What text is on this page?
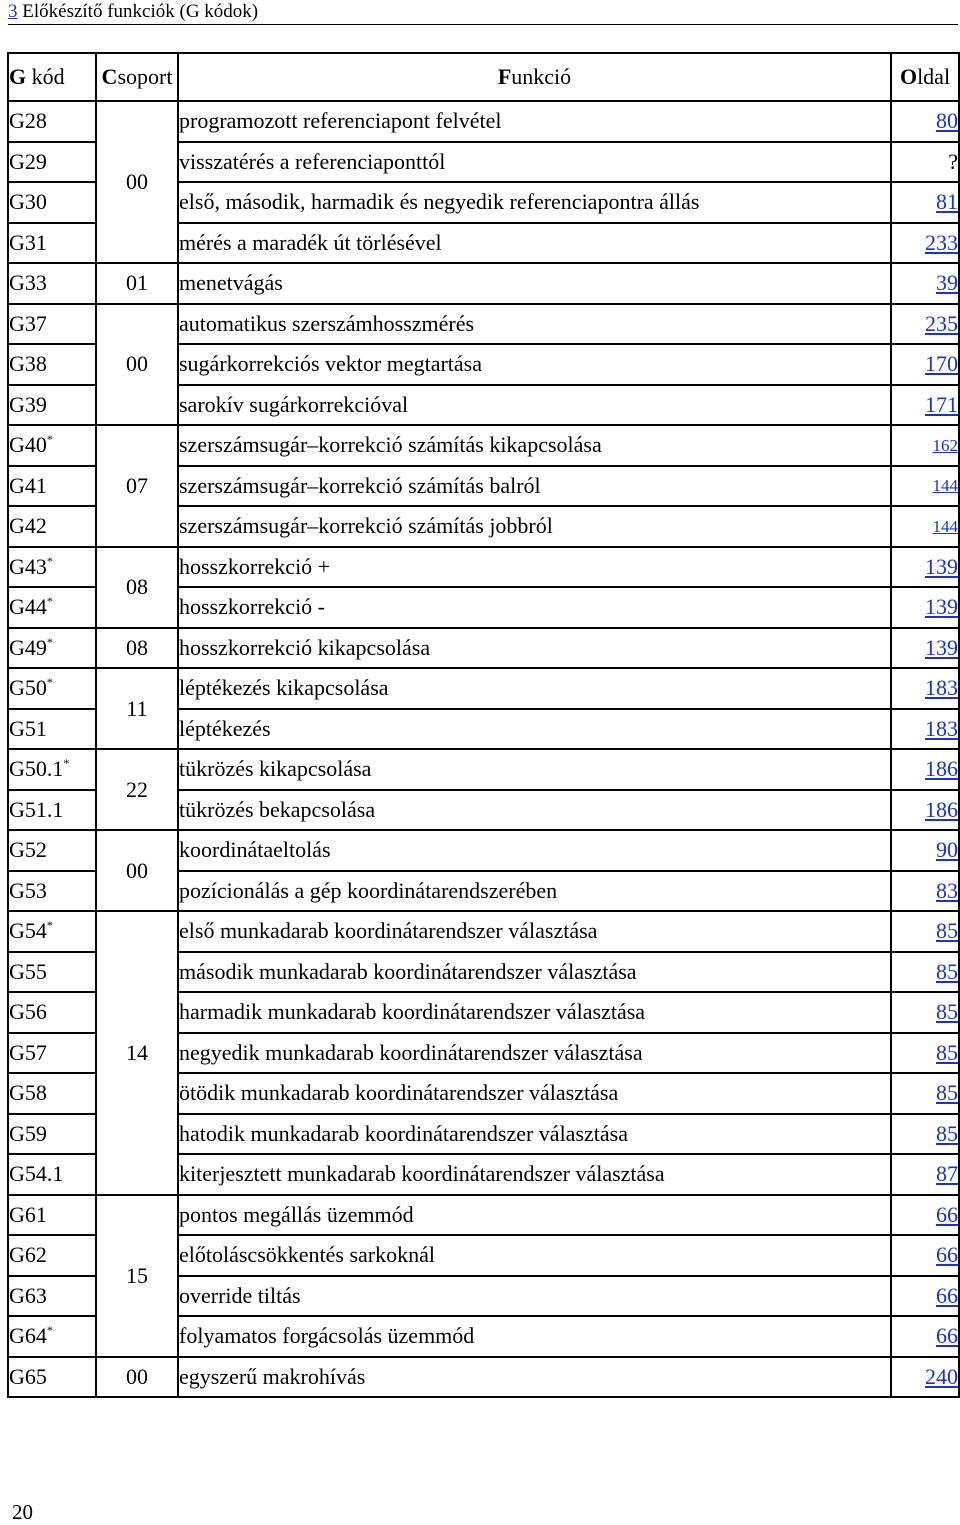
3 Előkészítő funkciók (G kódok)
G kód	Csoport	Funkció	Oldal
G28	00	programozott referenciapont felvétel	80
G29		visszatérés a referenciaponttól	?
G30		első, második, harmadik és negyedik referenciapontra állás	81
G31		mérés a maradék út törlésével	233
G33	01	menetvágás	39
G37	00	automatikus szerszámhosszmérés	235
G38		sugárkorrekciós vektor megtartása	170
G39		sarokív sugárkorrekcióval	171
G40*	07	szerszámsugár–korrekció számítás kikapcsolása	162
G41		szerszámsugár–korrekció számítás balról	144
G42		szerszámsugár–korrekció számítás jobbról	144
G43*	08	hosszkorrekció +	139
G44*		hosszkorrekció -	139
G49*	08	hosszkorrekció kikapcsolása	139
G50*	11	léptékezés kikapcsolása	183
G51		léptékezés	183
G50.1*	22	tükrözés kikapcsolása	186
G51.1		tükrözés bekapcsolása	186
G52	00	koordinátaeltolás	90
G53		pozícionálás a gép koordinátarendszerében	83
G54*	14	első munkadarab koordinátarendszer választása	85
G55		második munkadarab koordinátarendszer választása	85
G56		harmadik munkadarab koordinátarendszer választása	85
G57		negyedik munkadarab koordinátarendszer választása	85
G58		ötödik munkadarab koordinátarendszer választása	85
G59		hatodik munkadarab koordinátarendszer választása	85
G54.1		kiterjesztett munkadarab koordinátarendszer választása	87
G61	15	pontos megállás üzemmód	66
G62		előtoláscsökkentés sarkoknál	66
G63		override tiltás	66
G64*		folyamatos forgácsolás üzemmód	66
G65	00	egyszerű makrohívás	240
20
